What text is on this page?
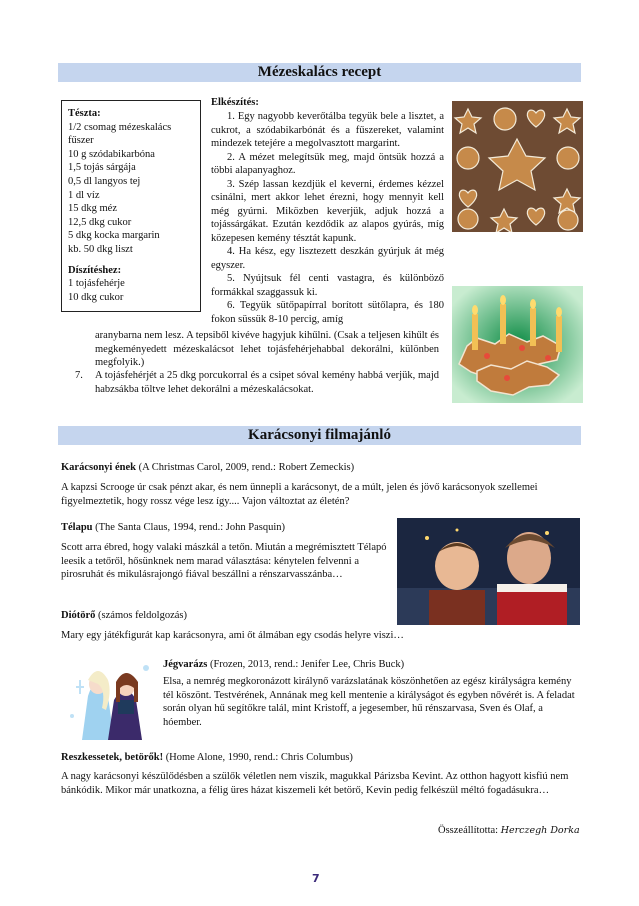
Mézeskalács recept
Tészta:
1/2 csomag mézeskalács
fűszer
10 g szódabikarbóna
1,5 tojás sárgája
0,5 dl langyos tej
1 dl víz
15 dkg méz
12,5 dkg cukor
5 dkg kocka margarin
kb. 50 dkg liszt
Díszítéshez:
1 tojásfehérje
10 dkg cukor
Elkészítés:

1. Egy nagyobb keverőtálba tegyük bele a lisztet, a cukrot, a szódabikarbónát és a fűszereket, valamint mindezek tetejére a megolvasztott margarint.

2. A mézet melegítsük meg, majd öntsük hozzá a többi alapanyaghoz.

3. Szép lassan kezdjük el keverni, érdemes kézzel csinálni, mert akkor lehet érezni, hogy mennyit kell még gyúrni. Miközben keverjük, adjuk hozzá a tojássárgákat. Ezután kezdődik az alapos gyúrás, míg közepesen kemény tésztát kapunk.

4. Ha kész, egy lisztezett deszkán gyúrjuk át még egyszer.

5. Nyújtsuk fél centi vastagra, és különböző formákkal szaggassuk ki.

6. Tegyük sütőpapírral borított sütőlapra, és 180 fokon süssük 8-10 percig, amíg

aranybarna nem lesz. A tepsiből kivéve hagyjuk kihűlni. (Csak a teljesen kihűlt és megkeményedett mézeskalácsot lehet tojásfehérjehabbal dekorálni, különben megfolyik.)
7. A tojásfehérjét a 25 dkg porcukorral és a csipet sóval kemény habbá verjük, majd habzsákba töltve lehet dekorálni a mézeskalácsokat.
Karácsonyi filmajánló
Karácsonyi ének (A Christmas Carol, 2009, rend.: Robert Zemeckis)
A kapzsi Scrooge úr csak pénzt akar, és nem ünnepli a karácsonyt, de a múlt, jelen és jövő karácsonyok szellemei figyelmeztetik, hogy rossz vége lesz így.... Vajon változtat az életén?
Télapu (The Santa Claus, 1994, rend.: John Pasquin)
Scott arra ébred, hogy valaki mászkál a tetőn. Miután a megrémisztett Télapó leesik a tetőről, hősünknek nem marad választása: kénytelen felvenni a pirosruhát és mikulásrajongó fiával beszállni a rénszarvasszánba…
Diótörő (számos feldolgozás)
Mary egy játékfigurát kap karácsonyra, ami őt álmában egy csodás helyre viszi…
Jégvarázs (Frozen, 2013, rend.: Jenifer Lee, Chris Buck)
Elsa, a nemrég megkoronázott királynő varázslatának köszönhetően az egész királyságra kemény tél köszönt. Testvérének, Annának meg kell mentenie a királyságot és egyben nővérét is. A feladat során olyan hű segítőkre talál, mint Kristoff, a jegesember, hű rénszarvasa, Sven és Olaf, a hóember.
Reszkessetek, betörők! (Home Alone, 1990, rend.: Chris Columbus)
A nagy karácsonyi készülődésben a szülők véletlen nem viszik, magukkal Párizsba Kevint. Az otthon hagyott kisfiú nem bánkódik. Mikor már unatkozna, a félig üres házat kiszemeli két betörő, Kevin pedig felkészül méltó fogadásukra…
Összeállította: Herczegh Dorka
7
